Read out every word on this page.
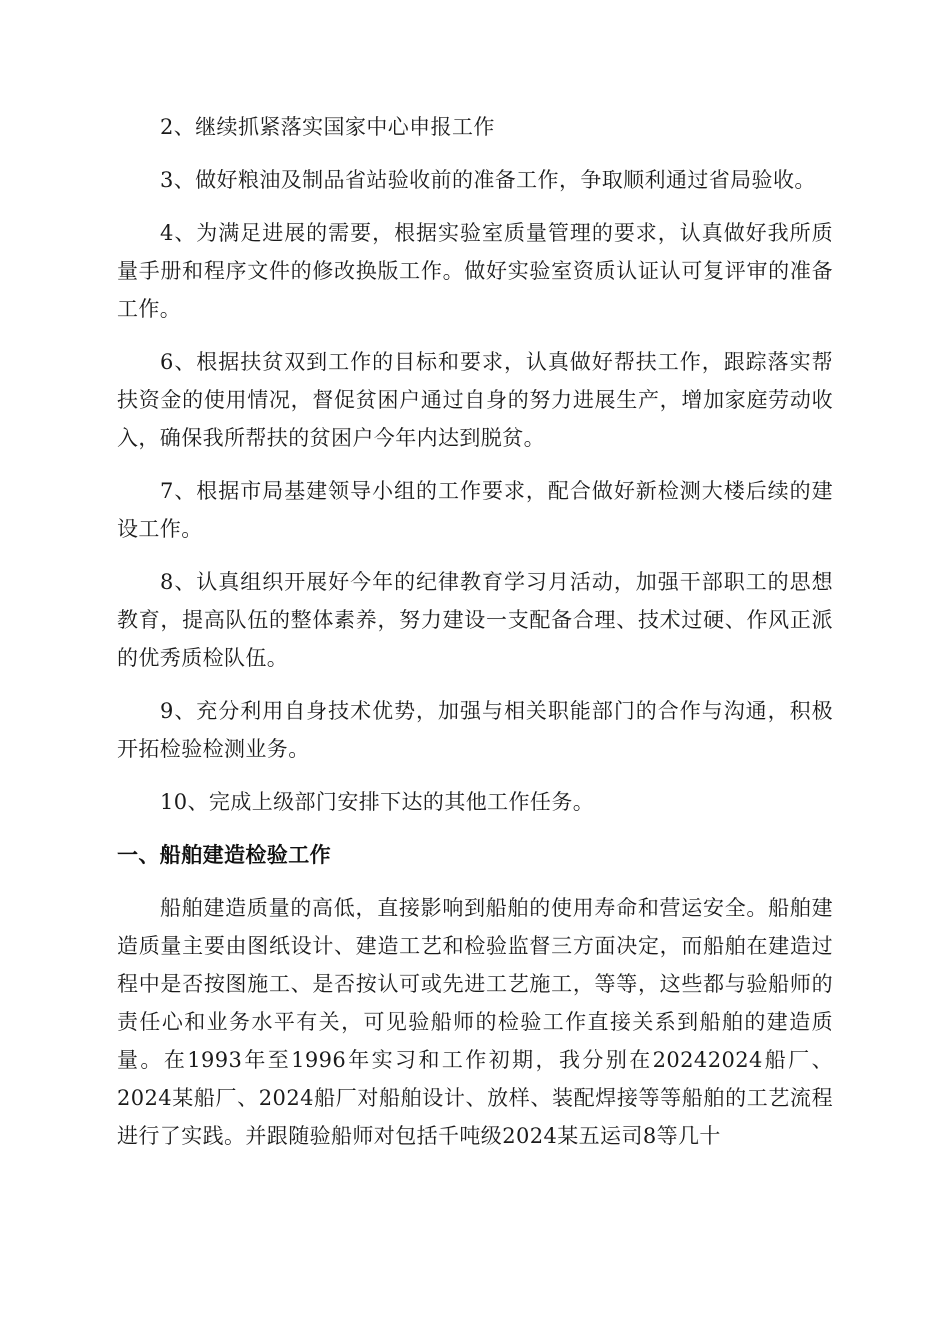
2、继续抓紧落实国家中心申报工作

3、做好粮油及制品省站验收前的准备工作，争取顺利通过省局验收。

4、为满足进展的需要，根据实验室质量管理的要求，认真做好我所质量手册和程序文件的修改换版工作。做好实验室资质认证认可复评审的准备工作。

6、根据扶贫双到工作的目标和要求，认真做好帮扶工作，跟踪落实帮扶资金的使用情况，督促贫困户通过自身的努力进展生产，增加家庭劳动收入，确保我所帮扶的贫困户今年内达到脱贫。

7、根据市局基建领导小组的工作要求，配合做好新检测大楼后续的建设工作。

8、认真组织开展好今年的纪律教育学习月活动，加强干部职工的思想教育，提高队伍的整体素养，努力建设一支配备合理、技术过硬、作风正派的优秀质检队伍。

9、充分利用自身技术优势，加强与相关职能部门的合作与沟通，积极开拓检验检测业务。

10、完成上级部门安排下达的其他工作任务。

一、船舶建造检验工作

船舶建造质量的高低，直接影响到船舶的使用寿命和营运安全。船舶建造质量主要由图纸设计、建造工艺和检验监督三方面决定，而船舶在建造过程中是否按图施工、是否按认可或先进工艺施工，等等，这些都与验船师的责任心和业务水平有关，可见验船师的检验工作直接关系到船舶的建造质量。在1993年至1996年实习和工作初期，我分别在20242024船厂、2024某船厂、2024船厂对船舶设计、放样、装配焊接等等船舶的工艺流程进行了实践。并跟随验船师对包括千吨级2024某五运司8等几十
